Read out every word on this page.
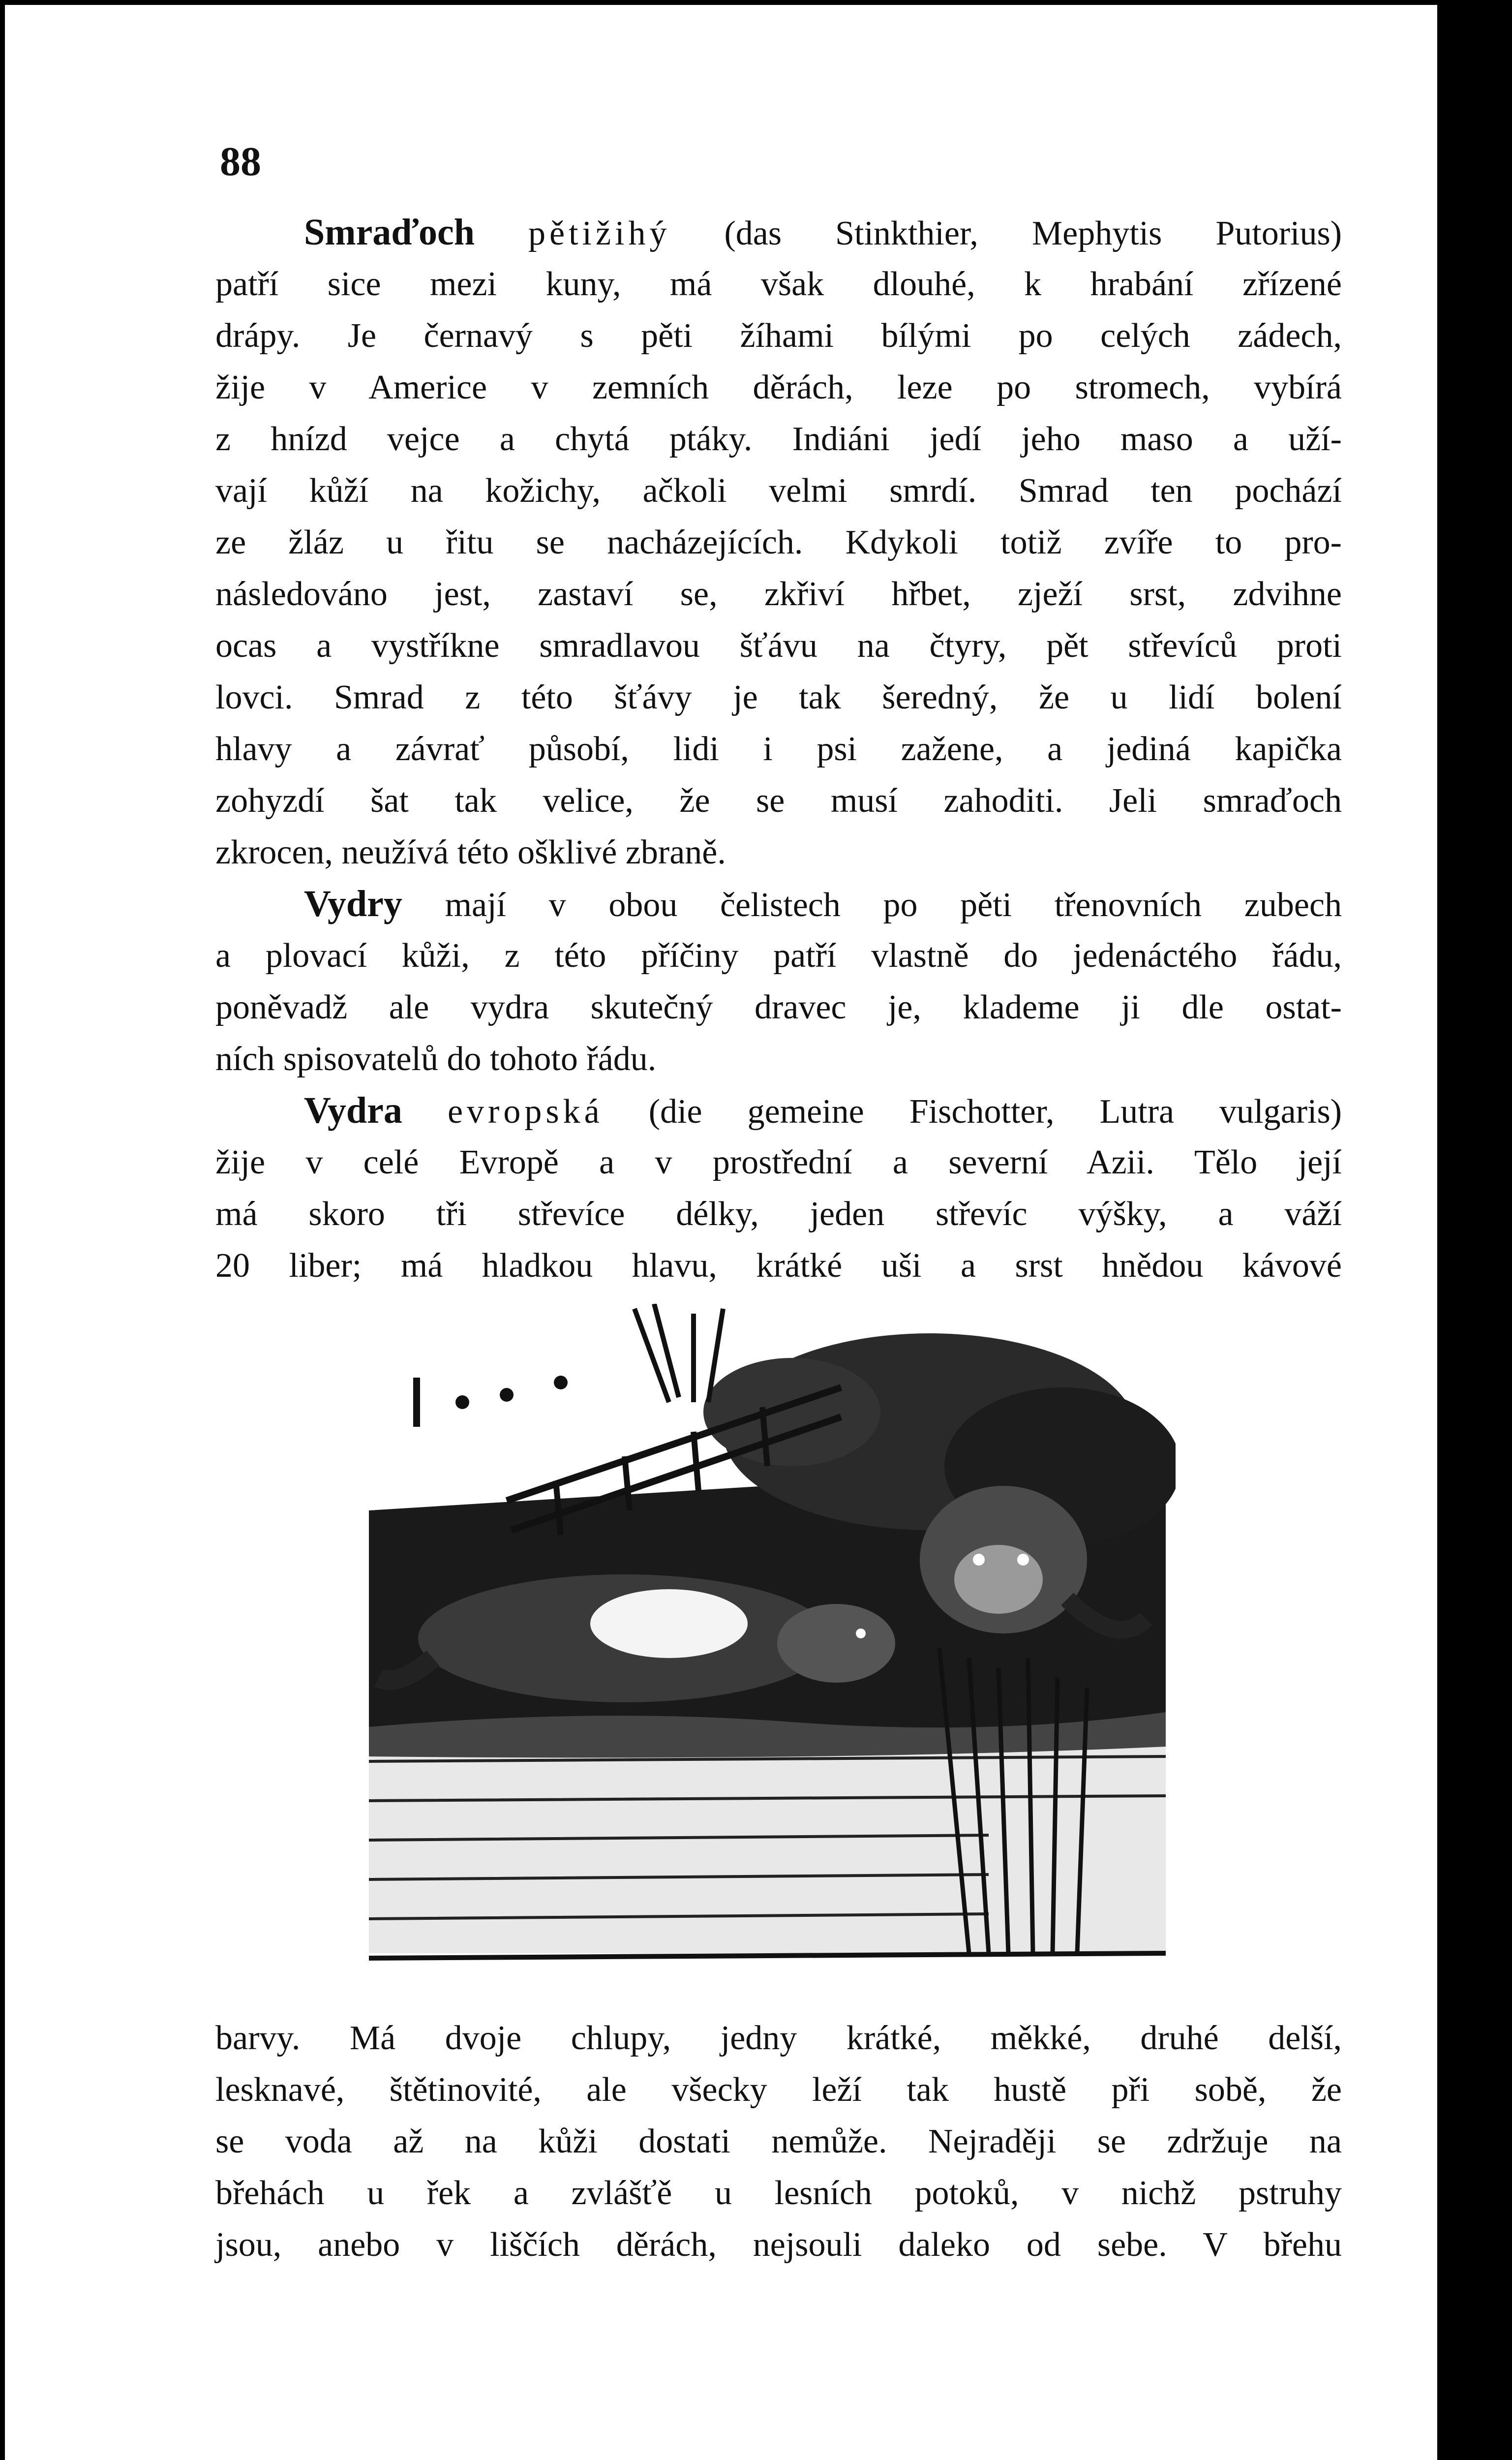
88
Smraďoch pětižihý (das Stinkthier, Mephytis Putorius)
patří sice mezi kuny, má však dlouhé, k hrabání zřízené
drápy. Je černavý s pěti žíhami bílými po celých zádech,
žije v Americe v zemních děrách, leze po stromech, vybírá
z hnízd vejce a chytá ptáky. Indiáni jedí jeho maso a uží-
vají kůží na kožichy, ačkoli velmi smrdí. Smrad ten pochází
ze žláz u řitu se nacházejících. Kdykoli totiž zvíře to pro-
následováno jest, zastaví se, zkřiví hřbet, zježí srst, zdvihne
ocas a vystříkne smradlavou šťávu na čtyry, pět střevíců proti
lovci. Smrad z této šťávy je tak šeredný, že u lidí bolení
hlavy a závrať působí, lidi i psi zažene, a jediná kapička
zohyzdí šat tak velice, že se musí zahoditi. Jeli smraďoch
zkrocen, neužívá této ošklivé zbraně.
Vydry mají v obou čelistech po pěti třenovních zubech
a plovací kůži, z této příčiny patří vlastně do jedenáctého řádu,
poněvadž ale vydra skutečný dravec je, klademe ji dle ostat-
ních spisovatelů do tohoto řádu.
Vydra evropská (die gemeine Fischotter, Lutra vulgaris)
žije v celé Evropě a v prostřední a severní Azii. Tělo její
má skoro tři střevíce délky, jeden střevíc výšky, a váží
20 liber; má hladkou hlavu, krátké uši a srst hnědou kávové
barvy. Má dvoje chlupy, jedny krátké, měkké, druhé delší,
lesknavé, štětinovité, ale všecky leží tak hustě při sobě, že
se voda až na kůži dostati nemůže. Nejraději se zdržuje na
břehách u řek a zvlášťě u lesních potoků, v nichž pstruhy
jsou, anebo v liščích děrách, nejsouli daleko od sebe. V břehu
